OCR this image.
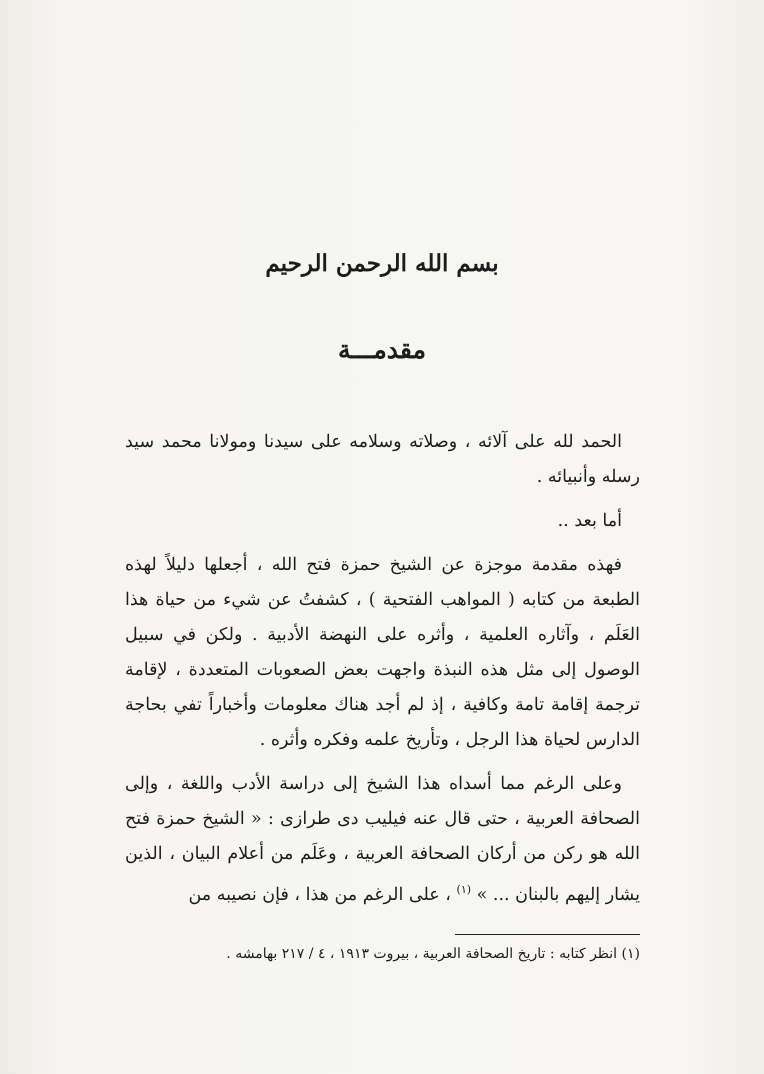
بسم الله الرحمن الرحيم
مقدمـــة

الحمد لله على آلائه ، وصلاته وسلامه على سيدنا ومولانا محمد سيد رسله وأنبيائه .

أما بعد ..

فهذه مقدمة موجزة عن الشيخ حمزة فتح الله ، أجعلها دليلاً لهذه الطبعة من كتابه ( المواهب الفتحية ) ، كشفتُ عن شيء من حياة هذا العَلَم ، وآثاره العلمية ، وأثره على النهضة الأدبية . ولكن في سبيل الوصول إلى مثل هذه النبذة واجهت بعض الصعوبات المتعددة ، لإقامة ترجمة إقامة تامة وكافية ، إذ لم أجد هناك معلومات وأخباراً تفي بحاجة الدارس لحياة هذا الرجل ، وتأريخ علمه وفكره وأثره .

وعلى الرغم مما أسداه هذا الشيخ إلى دراسة الأدب واللغة ، وإلى الصحافة العربية ، حتى قال عنه فيليب دى طرازى : « الشيخ حمزة فتح الله هو ركن من أركان الصحافة العربية ، وعَلَم من أعلام البيان ، الذين يشار إليهم بالبنان ... » $^{(١)}$ ، على الرغم من هذا ، فإن نصيبه من

(١) انظر كتابه : تاريخ الصحافة العربية ، بيروت ١٩١٣ ، ٤ / ٢١٧ بهامشه .
